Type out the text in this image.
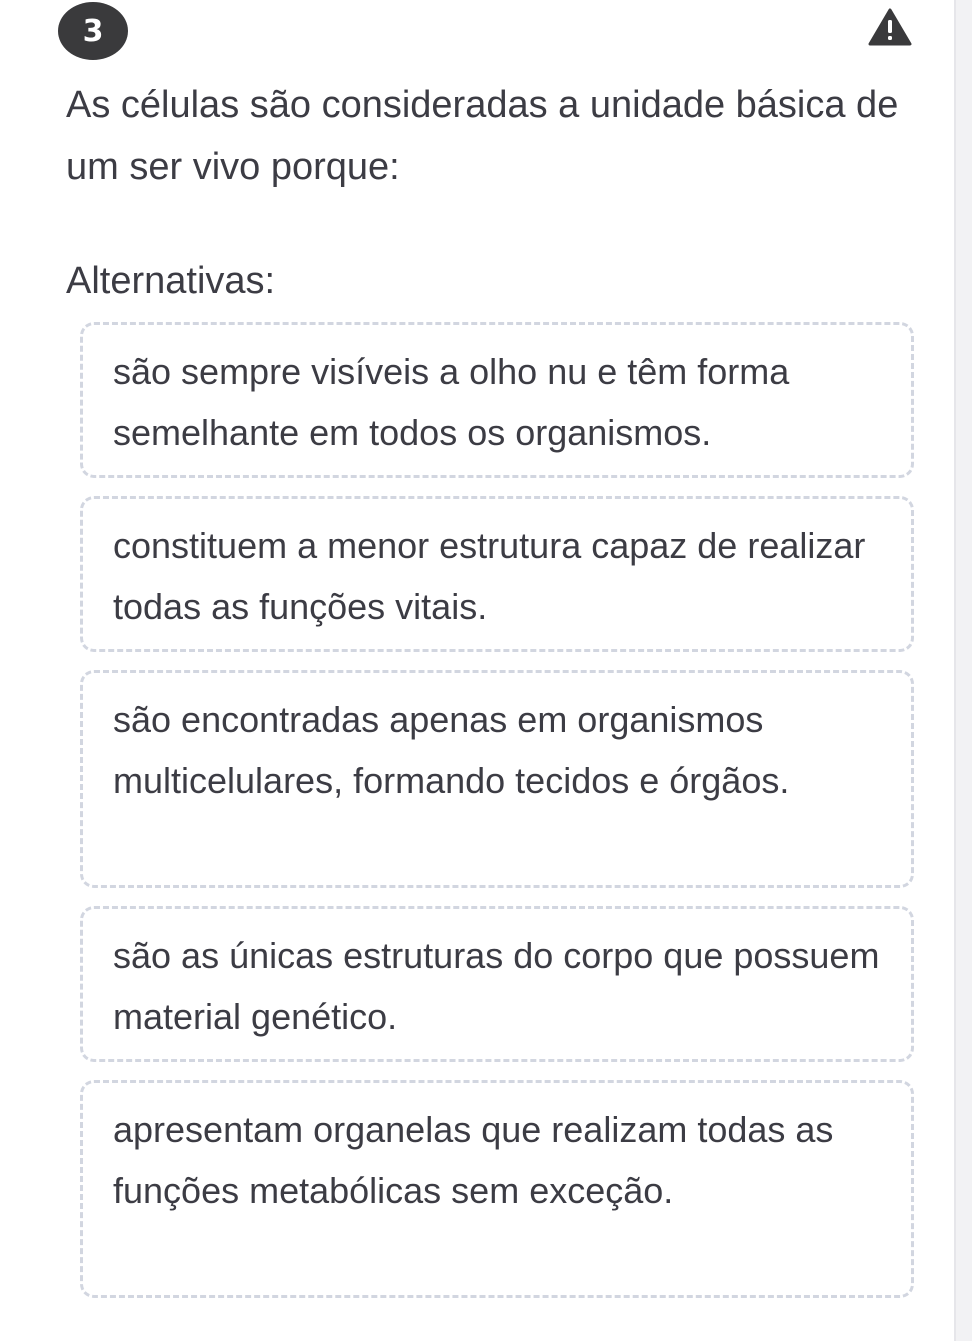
3

As células são consideradas a unidade básica de um ser vivo porque:

Alternativas:

são sempre visíveis a olho nu e têm forma semelhante em todos os organismos.
constituem a menor estrutura capaz de realizar todas as funções vitais.
são encontradas apenas em organismos multicelulares, formando tecidos e órgãos.
são as únicas estruturas do corpo que possuem material genético.
apresentam organelas que realizam todas as funções metabólicas sem exceção.
